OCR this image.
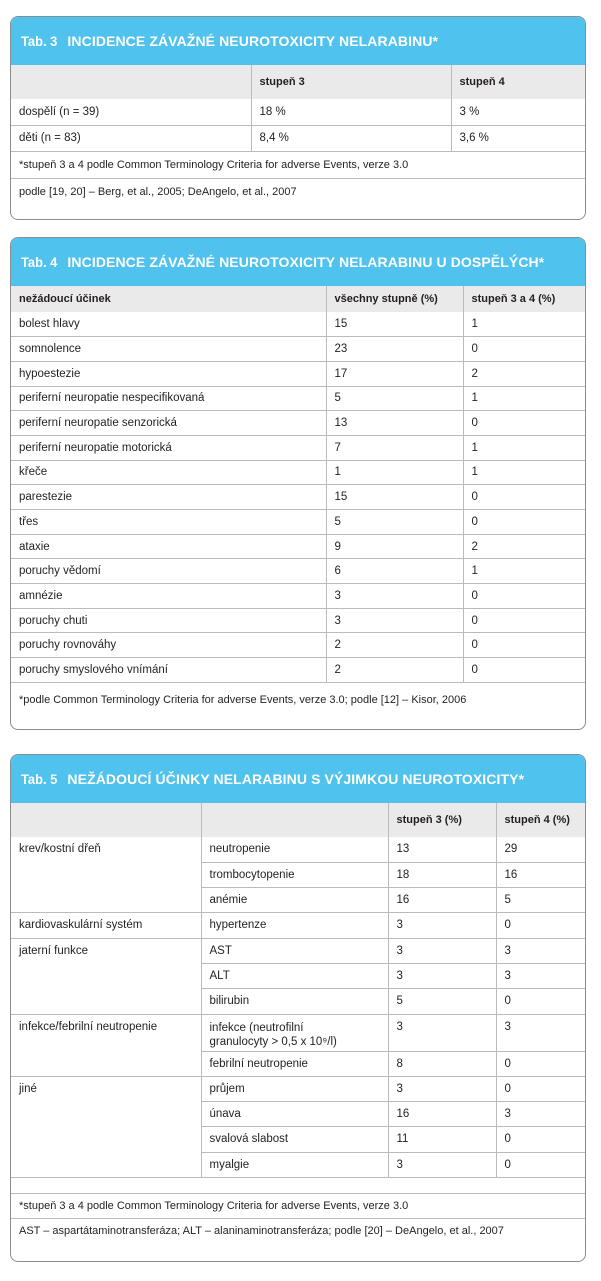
Tab. 3 INCIDENCE ZÁVAŽNÉ NEUROTOXICITY NELARABINU*
	stupeň 3	stupeň 4
dospělí (n = 39)	18 %	3 %
děti (n = 83)	8,4 %	3,6 %
*stupeň 3 a 4 podle Common Terminology Criteria for adverse Events, verze 3.0
podle [19, 20] – Berg, et al., 2005; DeAngelo, et al., 2007
Tab. 4 INCIDENCE ZÁVAŽNÉ NEUROTOXICITY NELARABINU U DOSPĚLÝCH*
nežádoucí účinek	všechny stupně (%)	stupeň 3 a 4 (%)
bolest hlavy	15	1
somnolence	23	0
hypoestezie	17	2
periferní neuropatie nespecifikovaná	5	1
periferní neuropatie senzorická	13	0
periferní neuropatie motorická	7	1
křeče	1	1
parestezie	15	0
třes	5	0
ataxie	9	2
poruchy vědomí	6	1
amnézie	3	0
poruchy chuti	3	0
poruchy rovnováhy	2	0
poruchy smyslového vnímání	2	0
*podle Common Terminology Criteria for adverse Events, verze 3.0; podle [12] – Kisor, 2006
Tab. 5 NEŽÁDOUCÍ ÚČINKY NELARABINU S VÝJIMKOU NEUROTOXICITY*
		stupeň 3 (%)	stupeň 4 (%)
krev/kostní dřeň	neutropenie	13	29
	trombocytopenie	18	16
	anémie	16	5
kardiovaskulární systém	hypertenze	3	0
jaterní funkce	AST	3	3
	ALT	3	3
	bilirubin	5	0
infekce/febrilní neutropenie	infekce (neutrofilní granulocyty > 0,5 x 10⁹/l)	3	3
	febrilní neutropenie	8	0
jiné	průjem	3	0
	únava	16	3
	svalová slabost	11	0
	myalgie	3	0
*stupeň 3 a 4 podle Common Terminology Criteria for adverse Events, verze 3.0
AST – aspartátaminotransferáza; ALT – alaninaminotransferáza; podle [20] – DeAngelo, et al., 2007
